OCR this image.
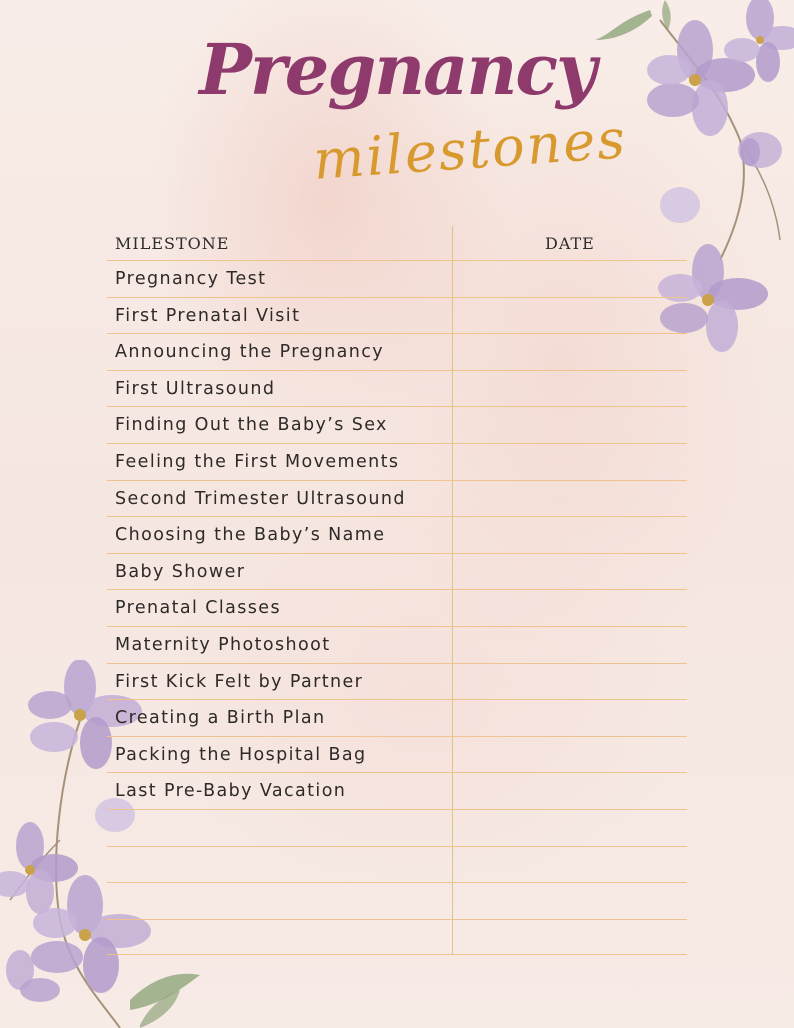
Pregnancy
milestones
MILESTONE	DATE
Pregnancy Test
First Prenatal Visit
Announcing the Pregnancy
First Ultrasound
Finding Out the Baby’s Sex
Feeling the First Movements
Second Trimester Ultrasound
Choosing the Baby’s Name
Baby Shower
Prenatal Classes
Maternity Photoshoot
First Kick Felt by Partner
Creating a Birth Plan
Packing the Hospital Bag
Last Pre-Baby Vacation
